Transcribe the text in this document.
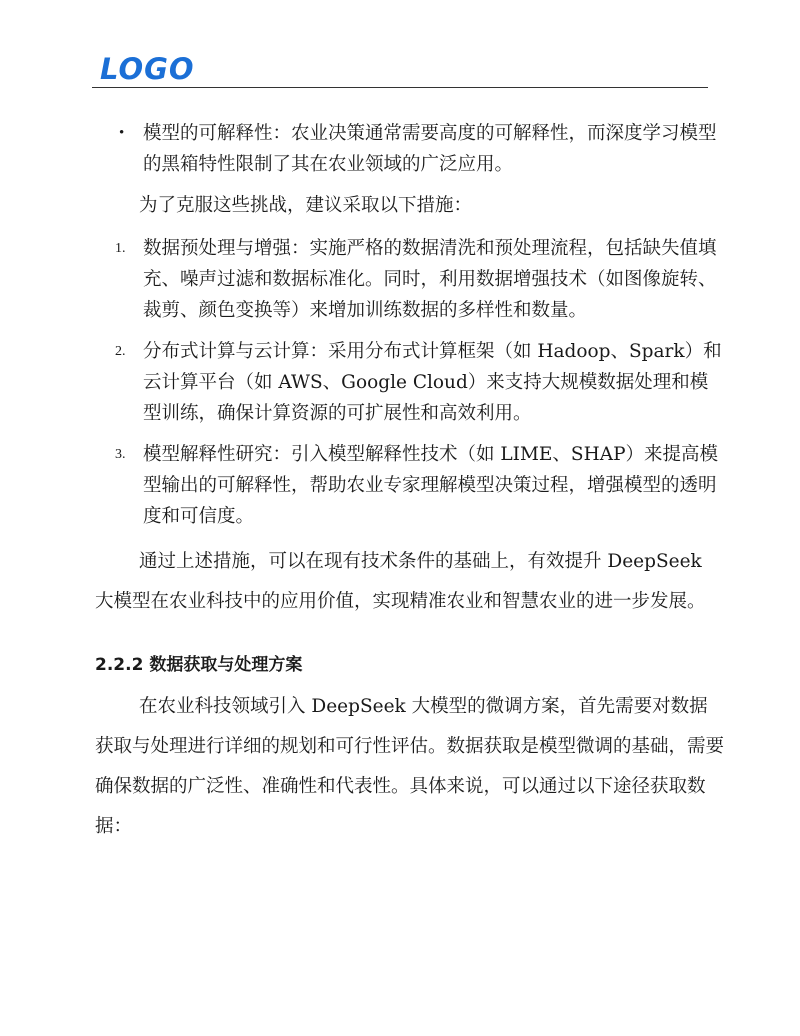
LOGO
• 模型的可解释性：农业决策通常需要高度的可解释性，而深度学习模型的黑箱特性限制了其在农业领域的广泛应用。
为了克服这些挑战，建议采取以下措施：
1. 数据预处理与增强：实施严格的数据清洗和预处理流程，包括缺失值填充、噪声过滤和数据标准化。同时，利用数据增强技术（如图像旋转、裁剪、颜色变换等）来增加训练数据的多样性和数量。
2. 分布式计算与云计算：采用分布式计算框架（如 Hadoop、Spark）和云计算平台（如 AWS、Google Cloud）来支持大规模数据处理和模型训练，确保计算资源的可扩展性和高效利用。
3. 模型解释性研究：引入模型解释性技术（如 LIME、SHAP）来提高模型输出的可解释性，帮助农业专家理解模型决策过程，增强模型的透明度和可信度。
通过上述措施，可以在现有技术条件的基础上，有效提升 DeepSeek 大模型在农业科技中的应用价值，实现精准农业和智慧农业的进一步发展。
2.2.2 数据获取与处理方案
在农业科技领域引入 DeepSeek 大模型的微调方案，首先需要对数据获取与处理进行详细的规划和可行性评估。数据获取是模型微调的基础，需要确保数据的广泛性、准确性和代表性。具体来说，可以通过以下途径获取数据：
